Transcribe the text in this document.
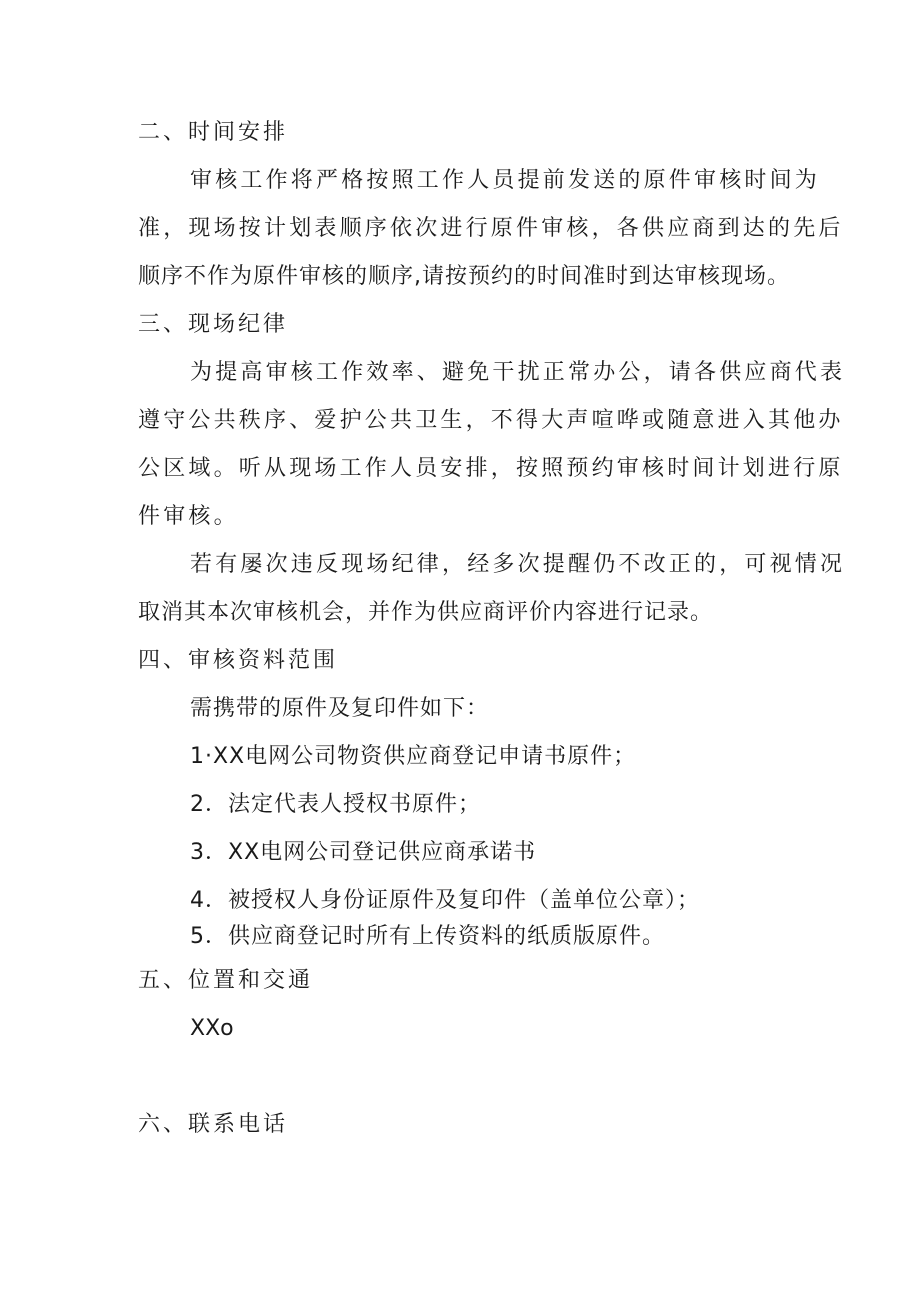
二、时间安排
审核工作将严格按照工作人员提前发送的原件审核时间为
准，现场按计划表顺序依次进行原件审核，各供应商到达的先后
顺序不作为原件审核的顺序,请按预约的时间准时到达审核现场。
三、现场纪律
为提高审核工作效率、避免干扰正常办公，请各供应商代表
遵守公共秩序、爱护公共卫生，不得大声喧哗或随意进入其他办
公区域。听从现场工作人员安排，按照预约审核时间计划进行原
件审核。
若有屡次违反现场纪律，经多次提醒仍不改正的，可视情况
取消其本次审核机会，并作为供应商评价内容进行记录。
四、审核资料范围
需携带的原件及复印件如下：
1·XX电网公司物资供应商登记申请书原件；
2．法定代表人授权书原件；
3．XX电网公司登记供应商承诺书
4．被授权人身份证原件及复印件（盖单位公章）；
5．供应商登记时所有上传资料的纸质版原件。
五、位置和交通
XXo
六、联系电话
